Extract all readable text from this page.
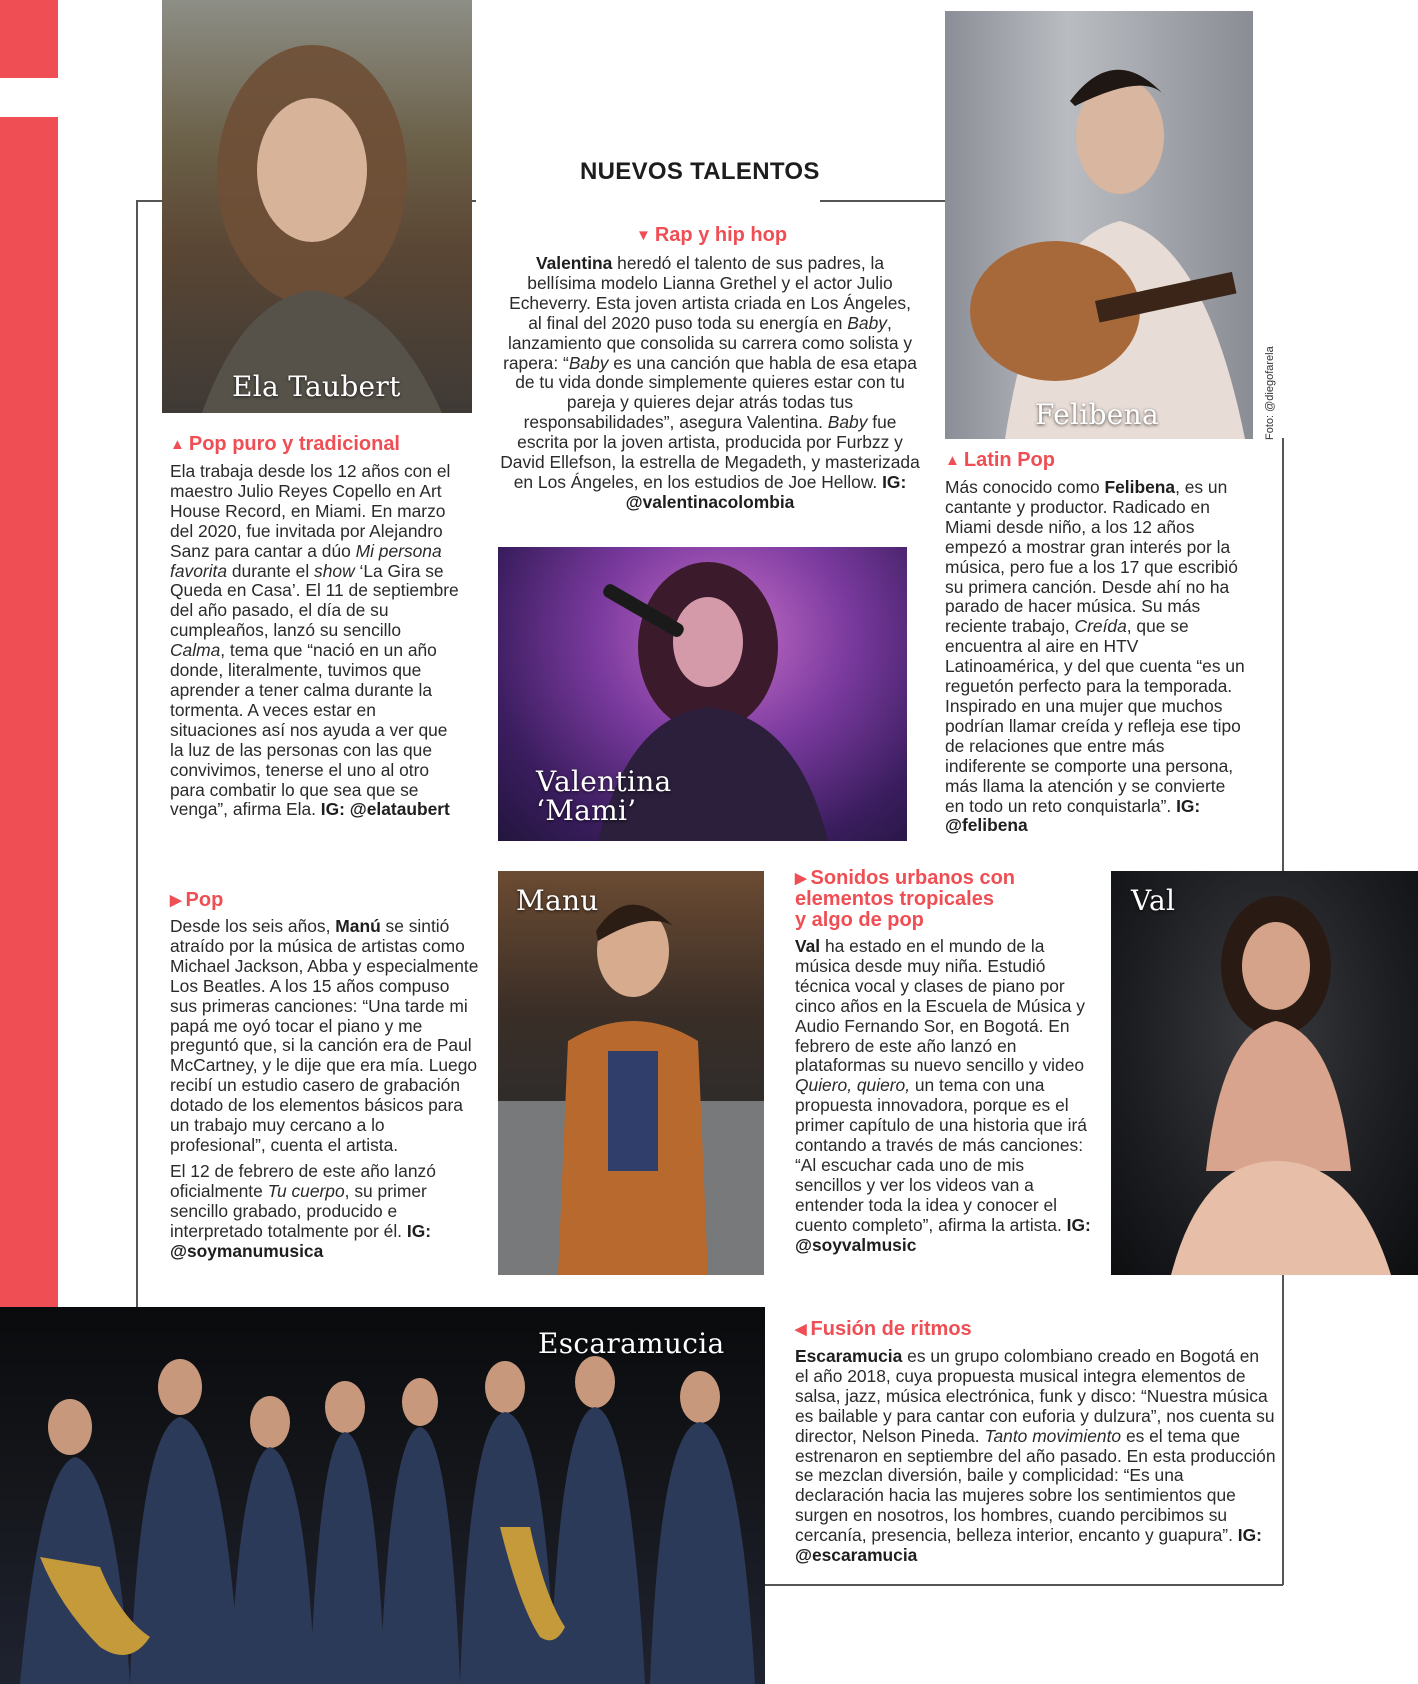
NUEVOS TALENTOS
Ela Taubert
Felibena	Foto: @diegofarela
▼ Rap y hip hop
Valentina heredó el talento de sus padres, la bellísima modelo Lianna Grethel y el actor Julio Echeverry. Esta joven artista criada en Los Ángeles, al final del 2020 puso toda su energía en Baby, lanzamiento que consolida su carrera como solista y rapera: “Baby es una canción que habla de esa etapa de tu vida donde simplemente quieres estar con tu pareja y quieres dejar atrás todas tus responsabilidades”, asegura Valentina. Baby fue escrita por la joven artista, producida por Furbzz y David Ellefson, la estrella de Megadeth, y masterizada en Los Ángeles, en los estudios de Joe Hellow. IG: @valentinacolombia
▲ Pop puro y tradicional
Ela trabaja desde los 12 años con el maestro Julio Reyes Copello en Art House Record, en Miami. En marzo del 2020, fue invitada por Alejandro Sanz para cantar a dúo Mi persona favorita durante el show ‘La Gira se Queda en Casa’. El 11 de septiembre del año pasado, el día de su cumpleaños, lanzó su sencillo Calma, tema que “nació en un año donde, literalmente, tuvimos que aprender a tener calma durante la tormenta. A veces estar en situaciones así nos ayuda a ver que la luz de las personas con las que convivimos, tenerse el uno al otro para combatir lo que sea que se venga”, afirma Ela. IG: @elataubert
▲ Latin Pop
Más conocido como Felibena, es un cantante y productor. Radicado en Miami desde niño, a los 12 años empezó a mostrar gran interés por la música, pero fue a los 17 que escribió su primera canción. Desde ahí no ha parado de hacer música. Su más reciente trabajo, Creída, que se encuentra al aire en HTV Latinoamérica, y del que cuenta “es un reguetón perfecto para la temporada. Inspirado en una mujer que muchos podrían llamar creída y refleja ese tipo de relaciones que entre más indiferente se comporte una persona, más llama la atención y se convierte en todo un reto conquistarla”. IG: @felibena
Valentina
‘Mami’
Manu
▶ Sonidos urbanos con
elementos tropicales
y algo de pop
Val ha estado en el mundo de la música desde muy niña. Estudió técnica vocal y clases de piano por cinco años en la Escuela de Música y Audio Fernando Sor, en Bogotá. En febrero de este año lanzó en plataformas su nuevo sencillo y video Quiero, quiero, un tema con una propuesta innovadora, porque es el primer capítulo de una historia que irá contando a través de más canciones: “Al escuchar cada uno de mis sencillos y ver los videos van a entender toda la idea y conocer el cuento completo”, afirma la artista. IG: @soyvalmusic
Val
▶ Pop

Desde los seis años, Manú se sintió atraído por la música de artistas como Michael Jackson, Abba y especialmente Los Beatles. A los 15 años compuso sus primeras canciones: “Una tarde mi papá me oyó tocar el piano y me preguntó que, si la canción era de Paul McCartney, y le dije que era mía. Luego recibí un estudio casero de grabación dotado de los elementos básicos para un trabajo muy cercano a lo profesional”, cuenta el artista.

El 12 de febrero de este año lanzó oficialmente Tu cuerpo, su primer sencillo grabado, producido e interpretado totalmente por él. IG: @soymanumusica

Escaramucia	◀ Fusión de ritmos
Escaramucia es un grupo colombiano creado en Bogotá en el año 2018, cuya propuesta musical integra elementos de salsa, jazz, música electrónica, funk y disco: “Nuestra música es bailable y para cantar con euforia y dulzura”, nos cuenta su director, Nelson Pineda. Tanto movimiento es el tema que estrenaron en septiembre del año pasado. En esta producción se mezclan diversión, baile y complicidad: “Es una declaración hacia las mujeres sobre los sentimientos que surgen en nosotros, los hombres, cuando percibimos su cercanía, presencia, belleza interior, encanto y guapura”. IG: @escaramucia
